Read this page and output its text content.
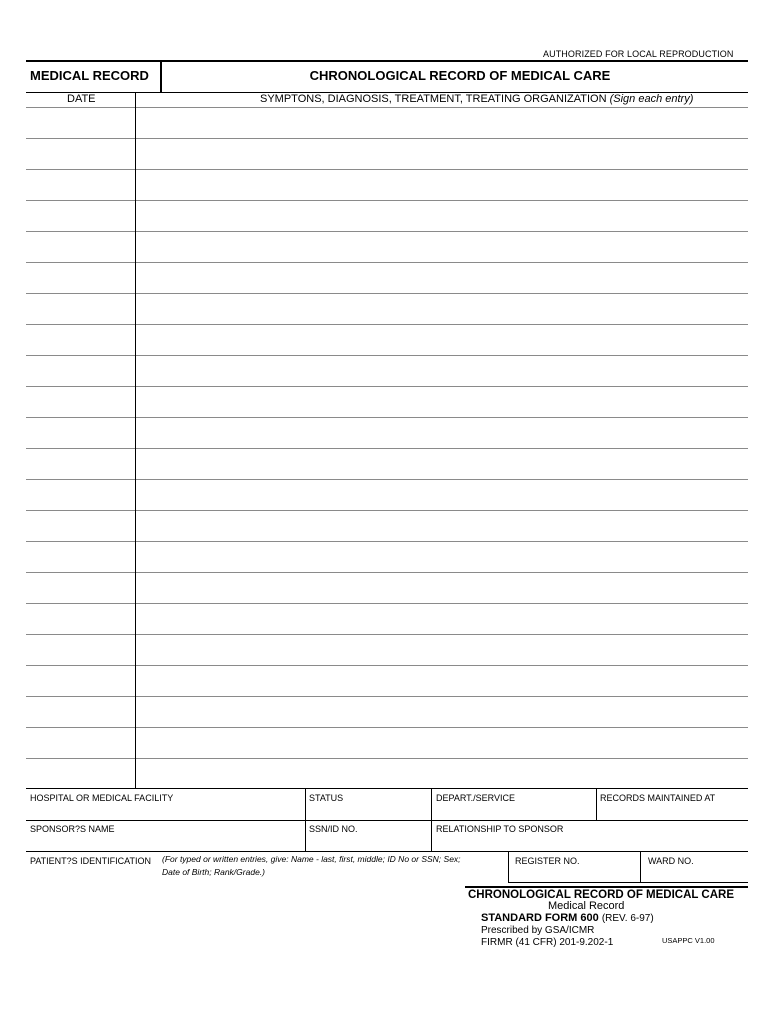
AUTHORIZED FOR LOCAL REPRODUCTION
MEDICAL RECORD	CHRONOLOGICAL RECORD OF MEDICAL CARE
DATE	SYMPTONS, DIAGNOSIS, TREATMENT, TREATING ORGANIZATION (Sign each entry)
HOSPITAL OR MEDICAL FACILITY	STATUS	DEPART./SERVICE	RECORDS MAINTAINED AT
SPONSOR?S NAME	SSN/ID NO.	RELATIONSHIP TO SPONSOR
PATIENT?S IDENTIFICATION (For typed or written entries, give: Name - last, first, middle; ID No or SSN; Sex;
Date of Birth; Rank/Grade.)
REGISTER NO.	WARD NO.
CHRONOLOGICAL RECORD OF MEDICAL CARE
Medical Record
STANDARD FORM 600 (REV. 6-97)
Prescribed by GSA/ICMR
FIRMR (41 CFR) 201-9.202-1	USAPPC V1.00
